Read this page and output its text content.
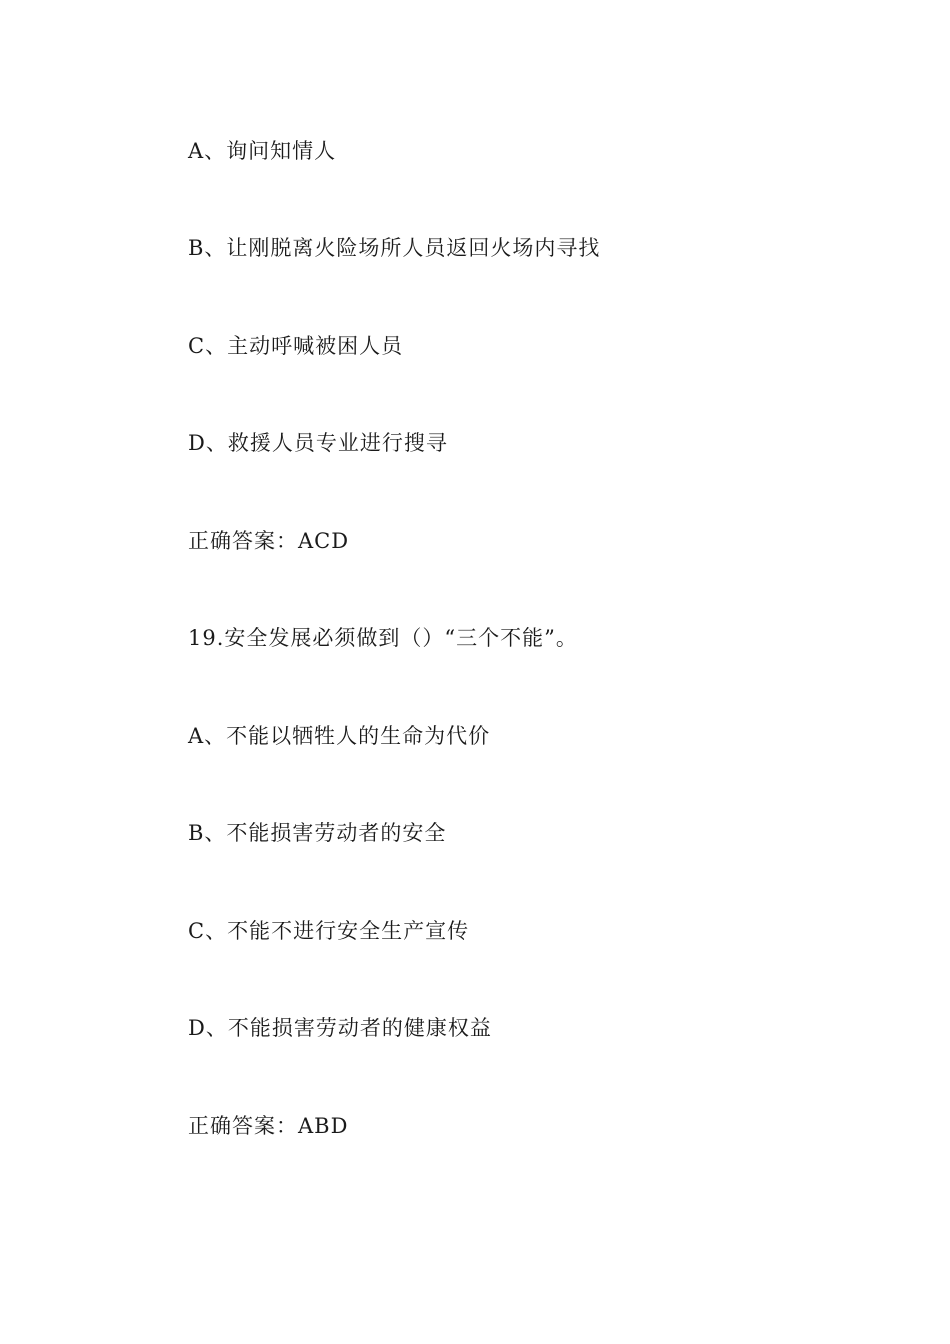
A、询问知情人
B、让刚脱离火险场所人员返回火场内寻找
C、主动呼喊被困人员
D、救援人员专业进行搜寻
正确答案：ACD
19.安全发展必须做到（）“三个不能”。
A、不能以牺牲人的生命为代价
B、不能损害劳动者的安全
C、不能不进行安全生产宣传
D、不能损害劳动者的健康权益
正确答案：ABD
